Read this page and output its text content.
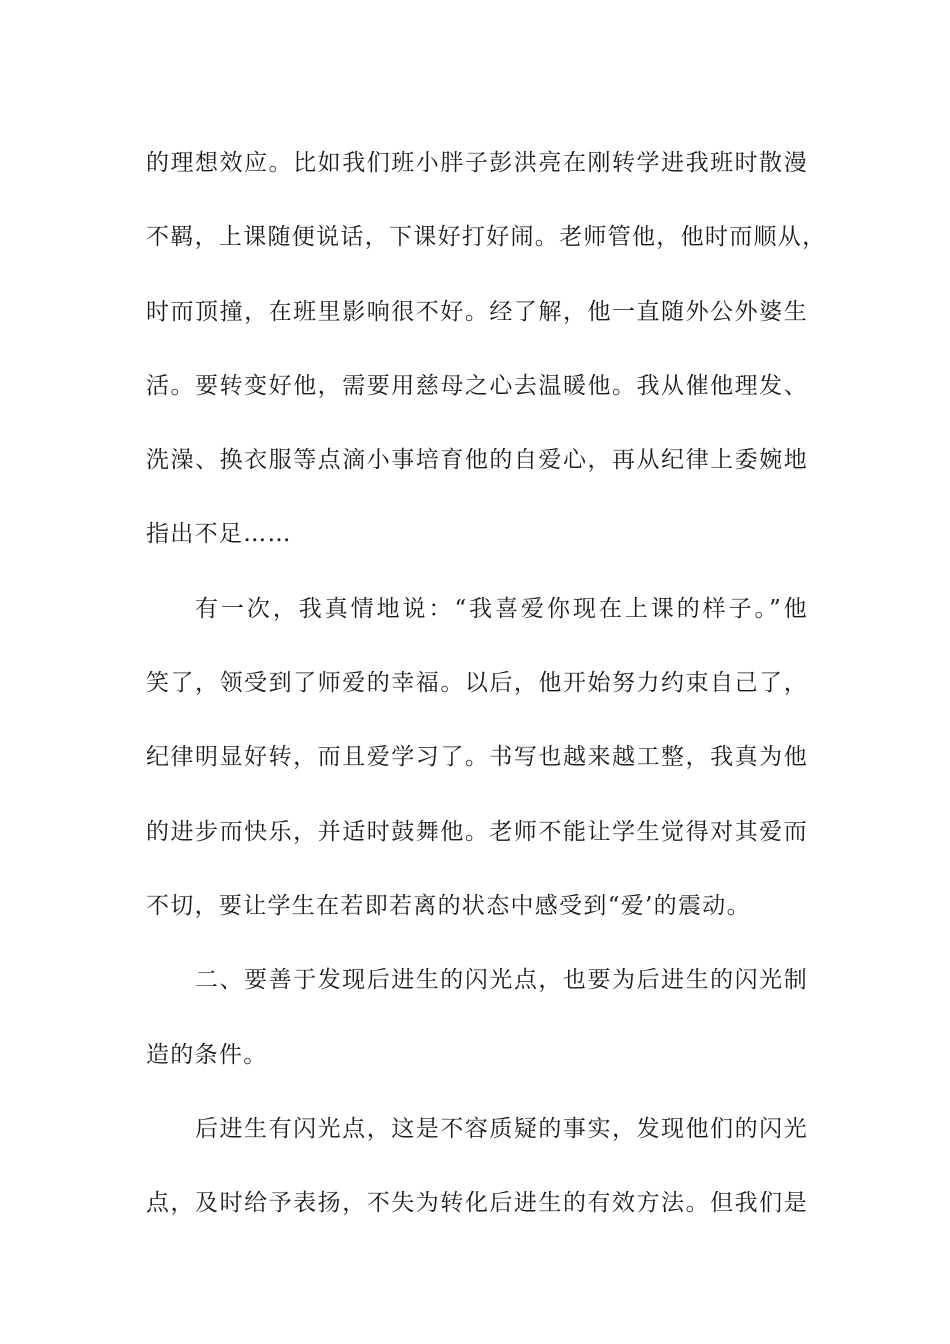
的理想效应。比如我们班小胖子彭洪亮在刚转学进我班时散漫
不羁，上课随便说话，下课好打好闹。老师管他，他时而顺从，
时而顶撞，在班里影响很不好。经了解，他一直随外公外婆生
活。要转变好他，需要用慈母之心去温暖他。我从催他理发、
洗澡、换衣服等点滴小事培育他的自爱心，再从纪律上委婉地
指出不足……
有一次，我真情地说：“我喜爱你现在上课的样子。”他
笑了，领受到了师爱的幸福。以后，他开始努力约束自己了，
纪律明显好转，而且爱学习了。书写也越来越工整，我真为他
的进步而快乐，并适时鼓舞他。老师不能让学生觉得对其爱而
不切，要让学生在若即若离的状态中感受到“爱’的震动。
二、要善于发现后进生的闪光点，也要为后进生的闪光制
造的条件。
后进生有闪光点，这是不容质疑的事实，发现他们的闪光
点，及时给予表扬，不失为转化后进生的有效方法。但我们是
